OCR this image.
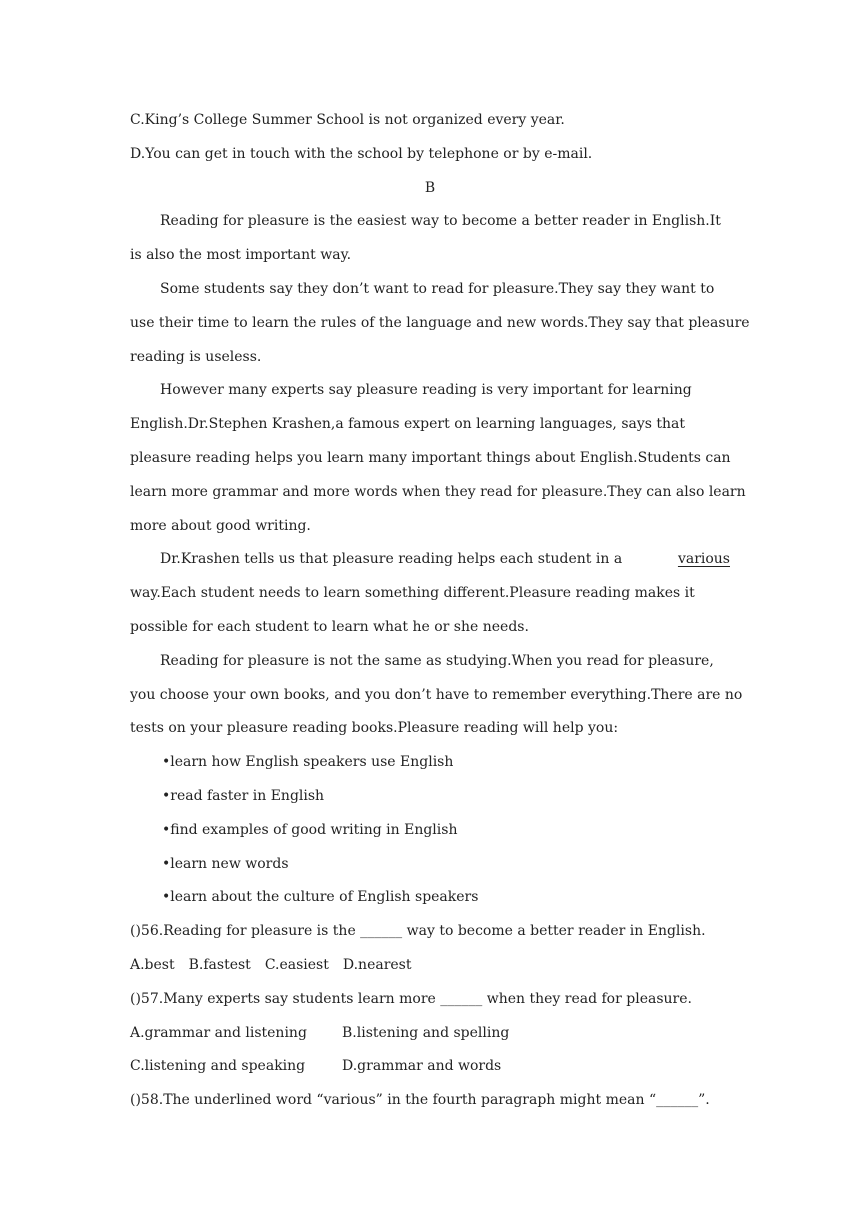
C.King’s College Summer School is not organized every year.
D.You can get in touch with the school by telephone or by e-mail.
B
Reading for pleasure is the easiest way to become a better reader in English.It
is also the most important way.
Some students say they don’t want to read for pleasure.They say they want to
use their time to learn the rules of the language and new words.They say that pleasure
reading is useless.
However many experts say pleasure reading is very important for learning
English.Dr.Stephen Krashen,a famous expert on learning languages, says that
pleasure reading helps you learn many important things about English.Students can
learn more grammar and more words when they read for pleasure.They can also learn
more about good writing.
Dr.Krashen tells us that pleasure reading helps each student in a	various
way.Each student needs to learn something different.Pleasure reading makes it
possible for each student to learn what he or she needs.
Reading for pleasure is not the same as studying.When you read for pleasure,
you choose your own books, and you don’t have to remember everything.There are no
tests on your pleasure reading books.Pleasure reading will help you:
•learn how English speakers use English
•read faster in English
•find examples of good writing in English
•learn new words
•learn about the culture of English speakers
()56.Reading for pleasure is the ______ way to become a better reader in English.
A.best B.fastest C.easiest D.nearest
()57.Many experts say students learn more ______ when they read for pleasure.
A.grammar and listening	B.listening and spelling
C.listening and speaking	D.grammar and words
()58.The underlined word “various” in the fourth paragraph might mean “______”.
